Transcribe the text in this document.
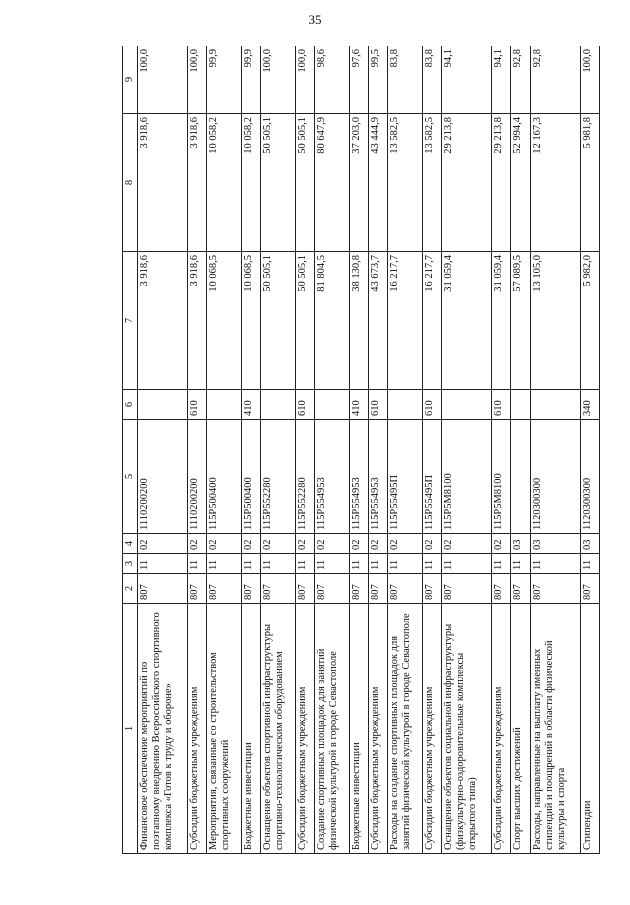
35
1	2	3	4	5	6	7	8	9
Финансовое обеспечение мероприятий по поэтапному внедрению Всероссийского спортивного комплекса «Готов к труду и обороне»	807	11	02	1110200200		3 918,6	3 918,6	100,0
Субсидии бюджетным учреждениям	807	11	02	1110200200	610	3 918,6	3 918,6	100,0
Мероприятия, связанные со строительством спортивных сооружений	807	11	02	115P500400		10 068,5	10 058,2	99,9
Бюджетные инвестиции	807	11	02	115P500400	410	10 068,5	10 058,2	99,9
Оснащение объектов спортивной инфраструктуры спортивно-технологическим оборудованием	807	11	02	115P552280		50 505,1	50 505,1	100,0
Субсидии бюджетным учреждениям	807	11	02	115P552280	610	50 505,1	50 505,1	100,0
Создание спортивных площадок для занятий физической культурой в городе Севастополе	807	11	02	115P554953		81 804,5	80 647,9	98,6
Бюджетные инвестиции	807	11	02	115P554953	410	38 130,8	37 203,0	97,6
Субсидии бюджетным учреждениям	807	11	02	115P554953	610	43 673,7	43 444,9	99,5
Расходы на создание спортивных площадок для занятий физической культурой в городе Севастополе	807	11	02	115P55495П		16 217,7	13 582,5	83,8
Субсидии бюджетным учреждениям	807	11	02	115P55495П	610	16 217,7	13 582,5	83,8
Оснащение объектов социальной инфраструктуры (физкультурно-оздоровительные комплексы открытого типа)	807	11	02	115P5M8100		31 059,4	29 213,8	94,1
Субсидии бюджетным учреждениям	807	11	02	115P5M8100	610	31 059,4	29 213,8	94,1
Спорт высших достижений	807	11	03			57 089,5	52 994,4	92,8
Расходы, направленные на выплату именных стипендий и поощрений в области физической культуры и спорта	807	11	03	1120300300		13 105,0	12 167,3	92,8
Стипендии	807	11	03	1120300300	340	5 982,0	5 981,8	100,0
